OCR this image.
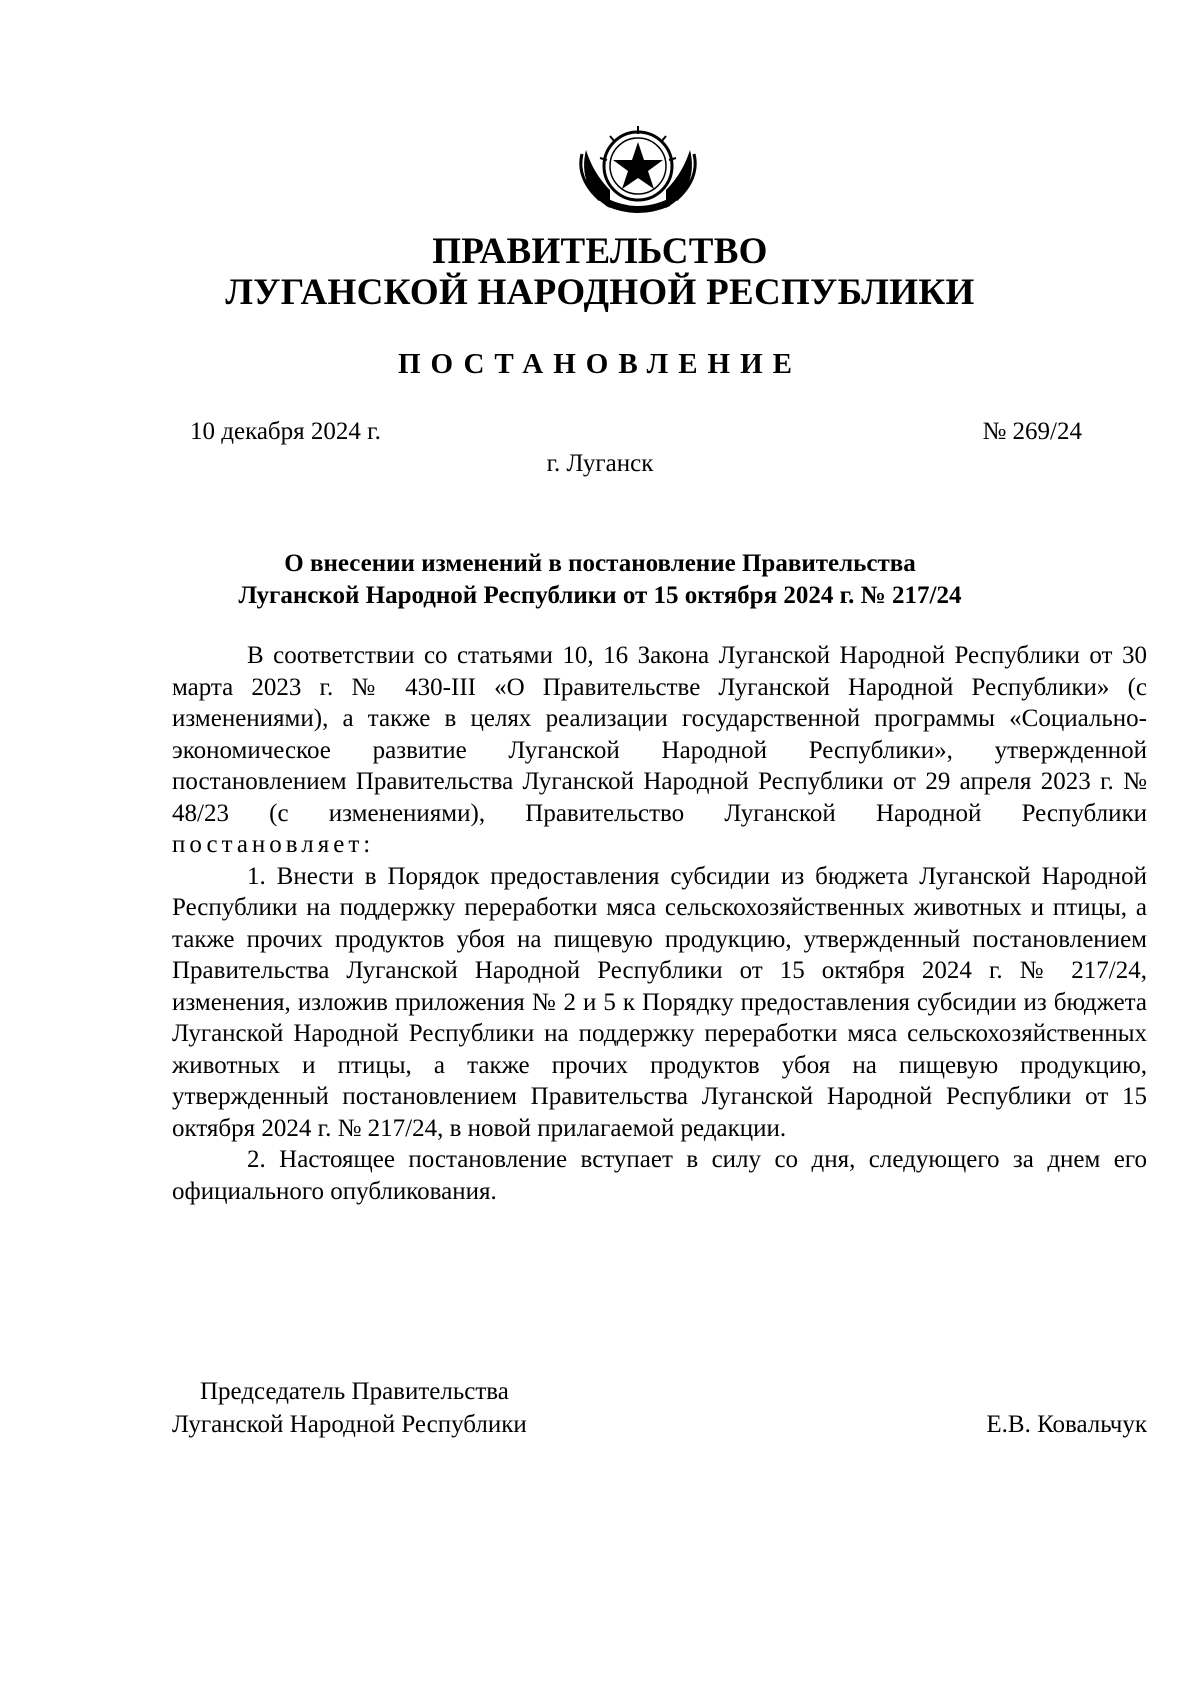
ПРАВИТЕЛЬСТВО
ЛУГАНСКОЙ НАРОДНОЙ РЕСПУБЛИКИ
ПОСТАНОВЛЕНИЕ
10 декабря 2024 г.	№ 269/24
г. Луганск
О внесении изменений в постановление Правительства
Луганской Народной Республики от 15 октября 2024 г. № 217/24

В соответствии со статьями 10, 16 Закона Луганской Народной Республики от 30 марта 2023 г. № 430-III «О Правительстве Луганской Народной Республики» (с изменениями), а также в целях реализации государственной программы «Социально-экономическое развитие Луганской Народной Республики», утвержденной постановлением Правительства Луганской Народной Республики от 29 апреля 2023 г. № 48/23 (с изменениями), Правительство Луганской Народной Республики постановляет:

1. Внести в Порядок предоставления субсидии из бюджета Луганской Народной Республики на поддержку переработки мяса сельскохозяйственных животных и птицы, а также прочих продуктов убоя на пищевую продукцию, утвержденный постановлением Правительства Луганской Народной Республики от 15 октября 2024 г. № 217/24, изменения, изложив приложения № 2 и 5 к Порядку предоставления субсидии из бюджета Луганской Народной Республики на поддержку переработки мяса сельскохозяйственных животных и птицы, а также прочих продуктов убоя на пищевую продукцию, утвержденный постановлением Правительства Луганской Народной Республики от 15 октября 2024 г. № 217/24, в новой прилагаемой редакции.

2. Настоящее постановление вступает в силу со дня, следующего за днем его официального опубликования.

Председатель Правительства
Луганской Народной Республики	Е.В. Ковальчук
